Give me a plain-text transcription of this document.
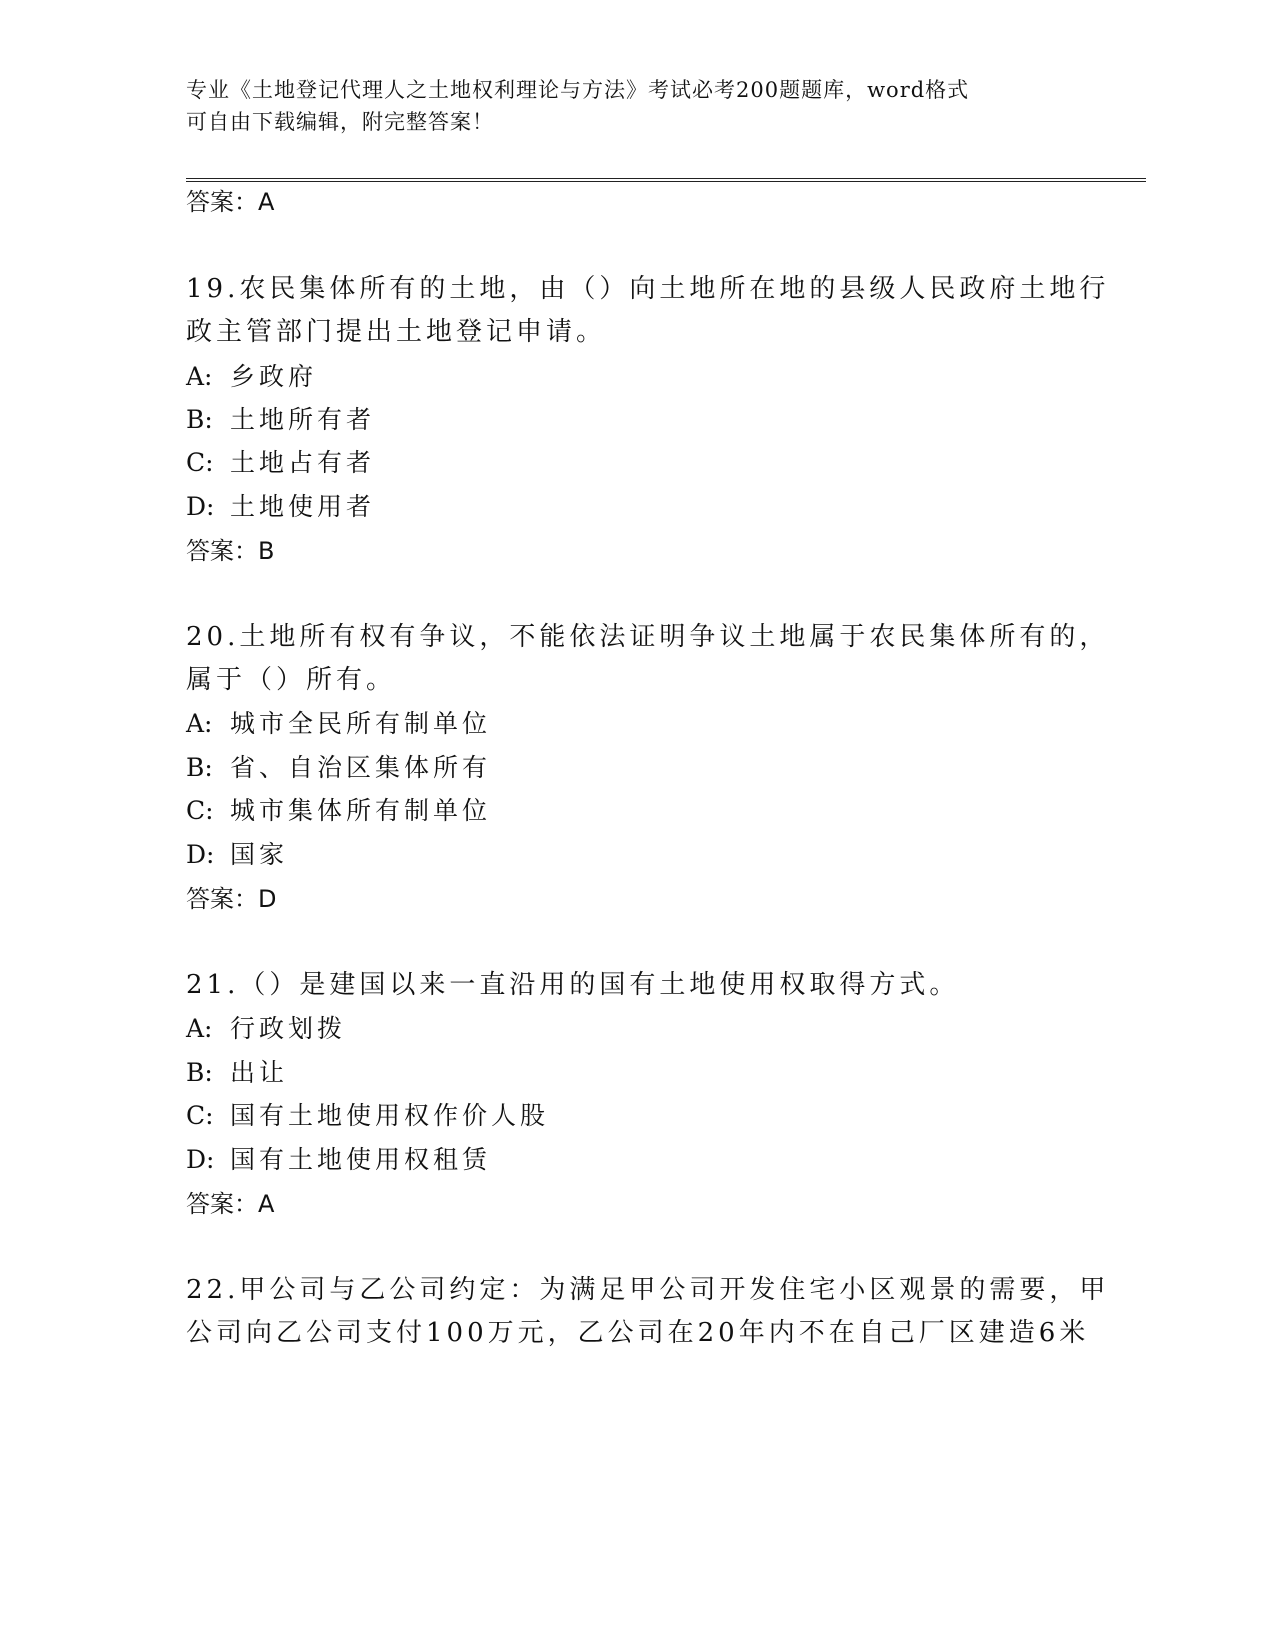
专业《土地登记代理人之土地权利理论与方法》考试必考200题题库，word格式
可自由下载编辑，附完整答案！
答案：A
19.农民集体所有的土地，由（）向土地所在地的县级人民政府土地行
政主管部门提出土地登记申请。
A: 乡政府
B: 土地所有者
C: 土地占有者
D: 土地使用者
答案：B
20.土地所有权有争议，不能依法证明争议土地属于农民集体所有的，
属于（）所有。
A: 城市全民所有制单位
B: 省、自治区集体所有
C: 城市集体所有制单位
D: 国家
答案：D
21.（）是建国以来一直沿用的国有土地使用权取得方式。
A: 行政划拨
B: 出让
C: 国有土地使用权作价人股
D: 国有土地使用权租赁
答案：A
22.甲公司与乙公司约定：为满足甲公司开发住宅小区观景的需要，甲
公司向乙公司支付100万元，乙公司在20年内不在自己厂区建造6米
